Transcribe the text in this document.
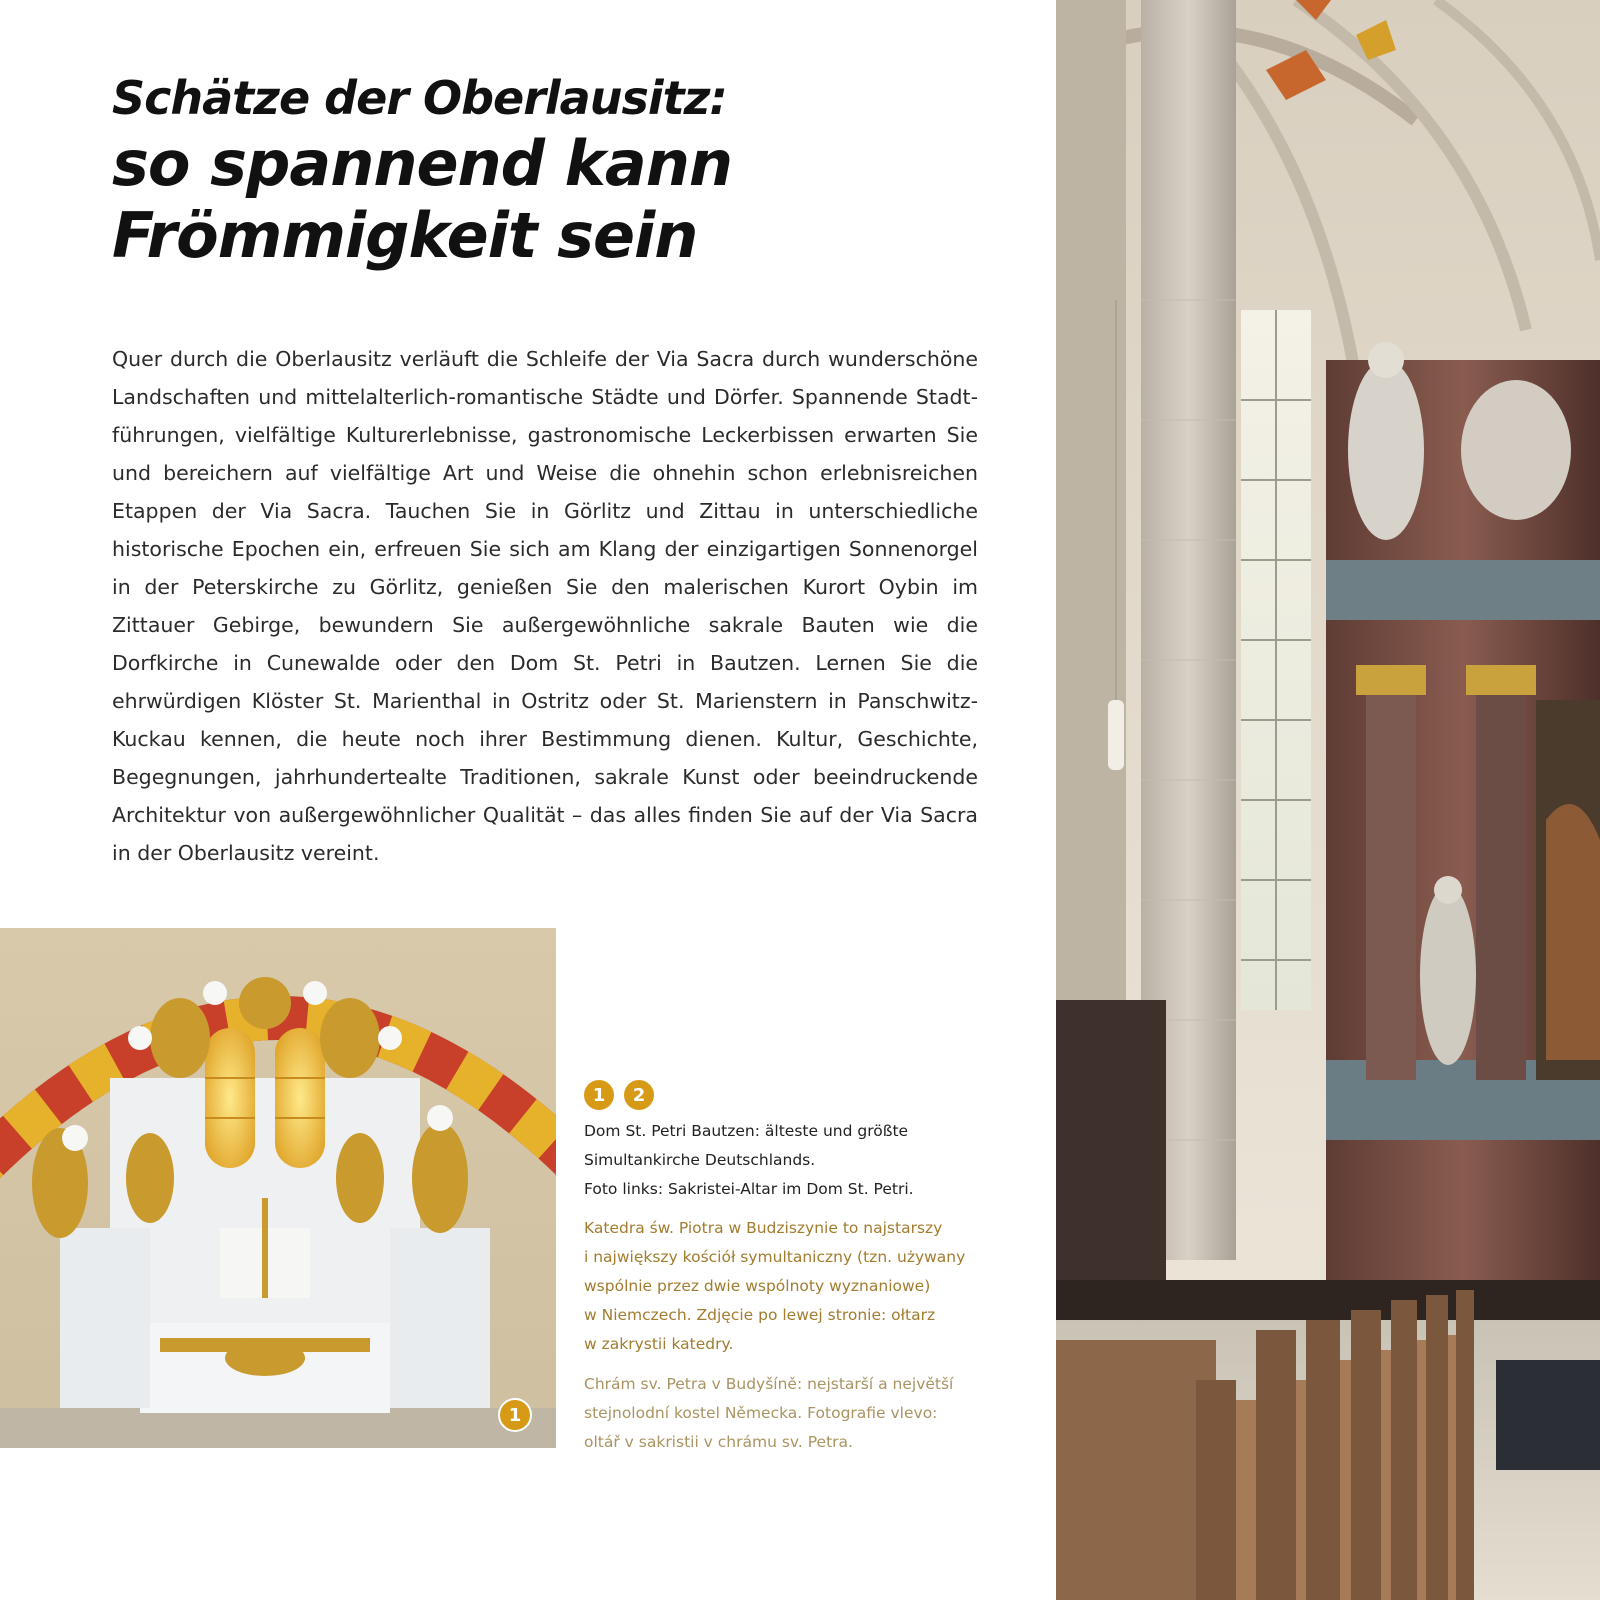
Schätze der Oberlausitz:
so spannend kann
Frömmigkeit sein

Quer durch die Oberlausitz verläuft die Schleife der Via Sacra durch wunderschöne Landschaften und mittelalterlich-romantische Städte und Dörfer. Spannende Stadtführungen, vielfältige Kulturerlebnisse, gastronomische Leckerbissen erwarten Sie und bereichern auf vielfältige Art und Weise die ohnehin schon erlebnisreichen Etappen der Via Sacra. Tauchen Sie in Görlitz und Zittau in unterschiedliche historische Epochen ein, erfreuen Sie sich am Klang der einzigartigen Sonnenorgel in der Peterskirche zu Görlitz, genießen Sie den malerischen Kurort Oybin im Zittauer Gebirge, bewundern Sie außergewöhnliche sakrale Bauten wie die Dorfkirche in Cunewalde oder den Dom St. Petri in Bautzen. Lernen Sie die ehrwürdigen Klöster St. Marienthal in Ostritz oder St. Marienstern in Panschwitz-Kuckau kennen, die heute noch ihrer Bestimmung dienen. Kultur, Geschichte, Begegnungen, jahrhundertealte Traditionen, sakrale Kunst oder beeindruckende Architektur von außergewöhnlicher Qualität – das alles finden Sie auf der Via Sacra in der Oberlausitz vereint.

1
1	2

Dom St. Petri Bautzen: älteste und größte
Simultankirche Deutschlands.
Foto links: Sakristei-Altar im Dom St. Petri.

Katedra św. Piotra w Budziszynie to najstarszy
i największy kościół symultaniczny (tzn. używany
wspólnie przez dwie wspólnoty wyznaniowe)
w Niemczech. Zdjęcie po lewej stronie: ołtarz
w zakrystii katedry.

Chrám sv. Petra v Budyšíně: nejstarší a největší
stejnolodní kostel Německa. Fotografie vlevo:
oltář v sakristii v chrámu sv. Petra.
